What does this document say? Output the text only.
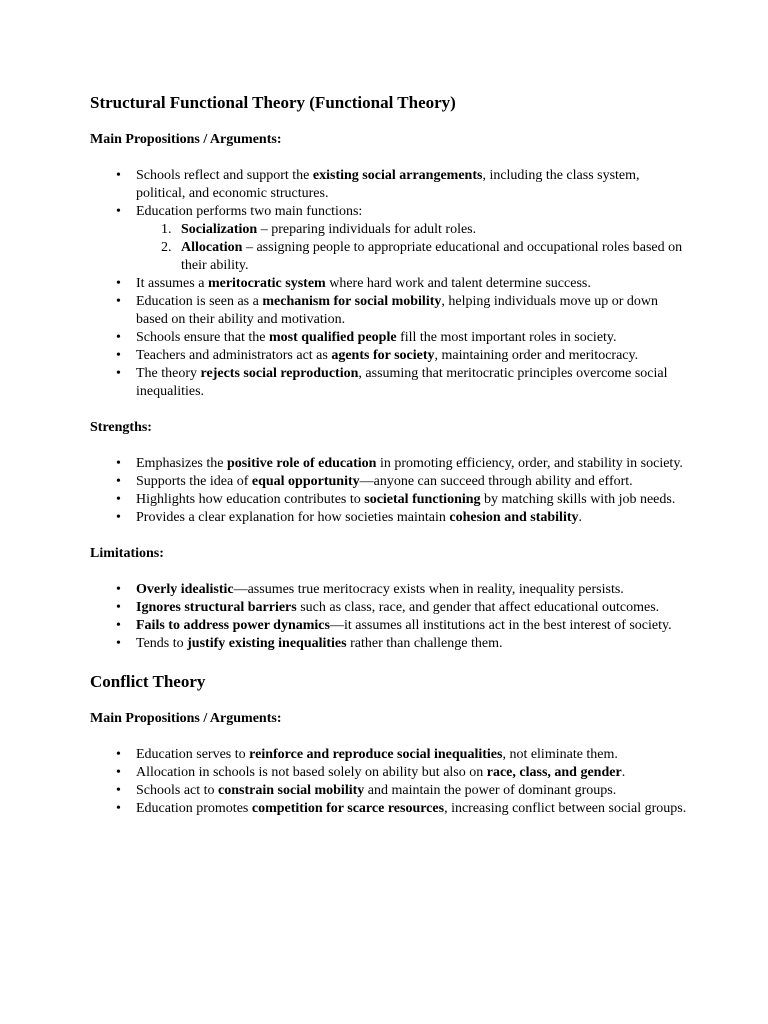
Structural Functional Theory (Functional Theory)
Main Propositions / Arguments:
• Schools reflect and support the existing social arrangements, including the class system, political, and economic structures.
• Education performs two main functions:
Socialization – preparing individuals for adult roles.
Allocation – assigning people to appropriate educational and occupational roles based on their ability.
• It assumes a meritocratic system where hard work and talent determine success.
• Education is seen as a mechanism for social mobility, helping individuals move up or down based on their ability and motivation.
• Schools ensure that the most qualified people fill the most important roles in society.
• Teachers and administrators act as agents for society, maintaining order and meritocracy.
• The theory rejects social reproduction, assuming that meritocratic principles overcome social inequalities.
Strengths:
• Emphasizes the positive role of education in promoting efficiency, order, and stability in society.
• Supports the idea of equal opportunity—anyone can succeed through ability and effort.
• Highlights how education contributes to societal functioning by matching skills with job needs.
• Provides a clear explanation for how societies maintain cohesion and stability.
Limitations:
• Overly idealistic—assumes true meritocracy exists when in reality, inequality persists.
• Ignores structural barriers such as class, race, and gender that affect educational outcomes.
• Fails to address power dynamics—it assumes all institutions act in the best interest of society.
• Tends to justify existing inequalities rather than challenge them.
Conflict Theory
Main Propositions / Arguments:
• Education serves to reinforce and reproduce social inequalities, not eliminate them.
• Allocation in schools is not based solely on ability but also on race, class, and gender.
• Schools act to constrain social mobility and maintain the power of dominant groups.
• Education promotes competition for scarce resources, increasing conflict between social groups.
